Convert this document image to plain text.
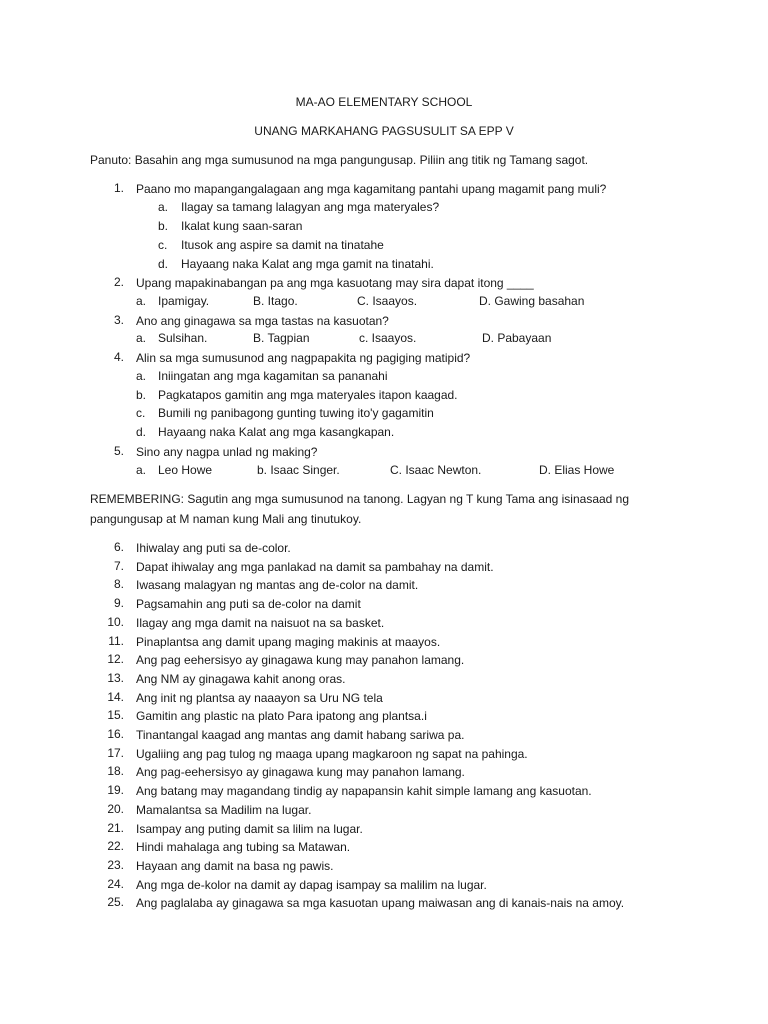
MA-AO ELEMENTARY SCHOOL
UNANG MARKAHANG PAGSUSULIT SA EPP V
Panuto: Basahin ang mga sumusunod na mga pangungusap. Piliin ang titik ng Tamang sagot.
1. Paano mo mapangangalagaan ang mga kagamitang pantahi upang magamit pang muli?
a. Ilagay sa tamang lalagyan ang mga materyales?
b. Ikalat kung saan-saran
c. Itusok ang aspire sa damit na tinatahe
d. Hayaang naka Kalat ang mga gamit na tinatahi.
2. Upang mapakinabangan pa ang mga kasuotang may sira dapat itong ____
a. Ipamigay.	B. Itago.	C. Isaayos.	D. Gawing basahan
3. Ano ang ginagawa sa mga tastas na kasuotan?
a. Sulsihan.	B. Tagpian	c. Isaayos.	D. Pabayaan
4. Alin sa mga sumusunod ang nagpapakita ng pagiging matipid?
a. Iniingatan ang mga kagamitan sa pananahi
b. Pagkatapos gamitin ang mga materyales itapon kaagad.
c. Bumili ng panibagong gunting tuwing ito'y gagamitin
d. Hayaang naka Kalat ang mga kasangkapan.
5. Sino any nagpa unlad ng making?
a. Leo Howe	b. Isaac Singer.	C. Isaac Newton.	D. Elias Howe
REMEMBERING: Sagutin ang mga sumusunod na tanong. Lagyan ng T kung Tama ang isinasaad ng
pangungusap at M naman kung Mali ang tinutukoy.
6. Ihiwalay ang puti sa de-color.
7. Dapat ihiwalay ang mga panlakad na damit sa pambahay na damit.
8. Iwasang malagyan ng mantas ang de-color na damit.
9. Pagsamahin ang puti sa de-color na damit
10. Ilagay ang mga damit na naisuot na sa basket.
11. Pinaplantsa ang damit upang maging makinis at maayos.
12. Ang pag eehersisyo ay ginagawa kung may panahon lamang.
13. Ang NM ay ginagawa kahit anong oras.
14. Ang init ng plantsa ay naaayon sa Uru NG tela
15. Gamitin ang plastic na plato Para ipatong ang plantsa.i
16. Tinantangal kaagad ang mantas ang damit habang sariwa pa.
17. Ugaliing ang pag tulog ng maaga upang magkaroon ng sapat na pahinga.
18. Ang pag-eehersisyo ay ginagawa kung may panahon lamang.
19. Ang batang may magandang tindig ay napapansin kahit simple lamang ang kasuotan.
20. Mamalantsa sa Madilim na lugar.
21. Isampay ang puting damit sa lilim na lugar.
22. Hindi mahalaga ang tubing sa Matawan.
23. Hayaan ang damit na basa ng pawis.
24. Ang mga de-kolor na damit ay dapag isampay sa malilim na lugar.
25. Ang paglalaba ay ginagawa sa mga kasuotan upang maiwasan ang di kanais-nais na amoy.
